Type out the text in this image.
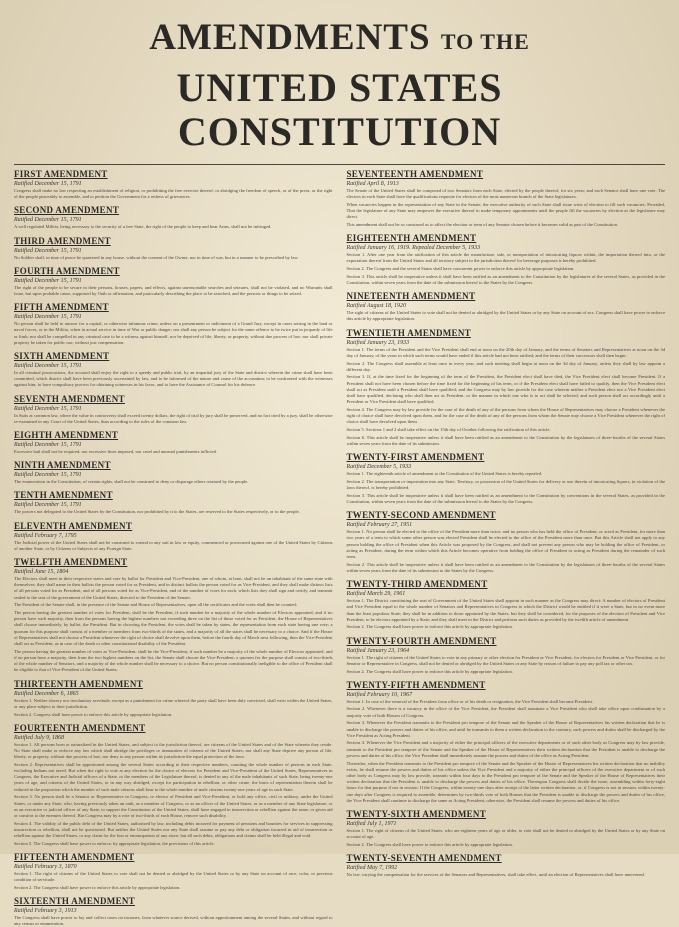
AMENDMENTS TO THE
UNITED STATES CONSTITUTION
FIRST AMENDMENT
Ratified December 15, 1791
Congress shall make no law respecting an establishment of religion, or prohibiting the free exercise thereof; or abridging the freedom of speech, or of the press; or the right of the people peaceably to assemble, and to petition the Government for a redress of grievances.
SECOND AMENDMENT
Ratified December 15, 1791
A well regulated Militia, being necessary to the security of a free State, the right of the people to keep and bear Arms, shall not be infringed.
THIRD AMENDMENT
Ratified December 15, 1791
No Soldier shall, in time of peace be quartered in any house, without the consent of the Owner, nor in time of war, but in a manner to be prescribed by law.
FOURTH AMENDMENT
Ratified December 15, 1791
The right of the people to be secure in their persons, houses, papers, and effects, against unreasonable searches and seizures, shall not be violated, and no Warrants shall issue, but upon probable cause, supported by Oath or affirmation, and particularly describing the place to be searched, and the persons or things to be seized.
FIFTH AMENDMENT
Ratified December 15, 1791
No person shall be held to answer for a capital, or otherwise infamous crime, unless on a presentment or indictment of a Grand Jury, except in cases arising in the land or naval forces, or in the Militia, when in actual service in time of War or public danger; nor shall any person be subject for the same offence to be twice put in jeopardy of life or limb; nor shall be compelled in any criminal case to be a witness against himself, nor be deprived of life, liberty, or property, without due process of law; nor shall private property be taken for public use, without just compensation.
SIXTH AMENDMENT
Ratified December 15, 1791
In all criminal prosecutions, the accused shall enjoy the right to a speedy and public trial, by an impartial jury of the State and district wherein the crime shall have been committed, which district shall have been previously ascertained by law, and to be informed of the nature and cause of the accusation; to be confronted with the witnesses against him; to have compulsory process for obtaining witnesses in his favor, and to have the Assistance of Counsel for his defence.
SEVENTH AMENDMENT
Ratified December 15, 1791
In Suits at common law, where the value in controversy shall exceed twenty dollars, the right of trial by jury shall be preserved, and no fact tried by a jury, shall be otherwise re-examined in any Court of the United States, than according to the rules of the common law.
EIGHTH AMENDMENT
Ratified December 15, 1791
Excessive bail shall not be required, nor excessive fines imposed, nor cruel and unusual punishments inflicted.
NINTH AMENDMENT
Ratified December 15, 1791
The enumeration in the Constitution, of certain rights, shall not be construed to deny or disparage others retained by the people.
TENTH AMENDMENT
Ratified December 15, 1791
The powers not delegated to the United States by the Constitution, nor prohibited by it to the States, are reserved to the States respectively, or to the people.
ELEVENTH AMENDMENT
Ratified February 7, 1795
The Judicial power of the United States shall not be construed to extend to any suit in law or equity, commenced or prosecuted against one of the United States by Citizens of another State, or by Citizens or Subjects of any Foreign State.
TWELFTH AMENDMENT
Ratified June 15, 1804
The Electors shall meet in their respective states and vote by ballot for President and Vice-President, one of whom, at least, shall not be an inhabitant of the same state with themselves; they shall name in their ballots the person voted for as President, and in distinct ballots the person voted for as Vice-President, and they shall make distinct lists of all persons voted for as President, and of all persons voted for as Vice-President, and of the number of votes for each, which lists they shall sign and certify, and transmit sealed to the seat of the government of the United States, directed to the President of the Senate;
The President of the Senate shall, in the presence of the Senate and House of Representatives, open all the certificates and the votes shall then be counted;
The person having the greatest number of votes for President, shall be the President, if such number be a majority of the whole number of Electors appointed; and if no person have such majority, then from the persons having the highest numbers not exceeding three on the list of those voted for as President, the House of Representatives shall choose immediately, by ballot, the President. But in choosing the President, the votes shall be taken by states, the representation from each state having one vote; a quorum for this purpose shall consist of a member or members from two-thirds of the states, and a majority of all the states shall be necessary to a choice. And if the House of Representatives shall not choose a President whenever the right of choice shall devolve upon them, before the fourth day of March next following, then the Vice-President shall act as President, as in case of the death or other constitutional disability of the President.
The person having the greatest number of votes as Vice-President, shall be the Vice-President, if such number be a majority of the whole number of Electors appointed, and if no person have a majority, then from the two highest numbers on the list, the Senate shall choose the Vice-President; a quorum for the purpose shall consist of two-thirds of the whole number of Senators, and a majority of the whole number shall be necessary to a choice. But no person constitutionally ineligible to the office of President shall be eligible to that of Vice-President of the United States.
THIRTEENTH AMENDMENT
Ratified December 6, 1865
Section 1. Neither slavery nor involuntary servitude, except as a punishment for crime whereof the party shall have been duly convicted, shall exist within the United States, or any place subject to their jurisdiction.
Section 2. Congress shall have power to enforce this article by appropriate legislation.
FOURTEENTH AMENDMENT
Ratified July 9, 1868
Section 1. All persons born or naturalized in the United States, and subject to the jurisdiction thereof, are citizens of the United States and of the State wherein they reside. No State shall make or enforce any law which shall abridge the privileges or immunities of citizens of the United States; nor shall any State deprive any person of life, liberty, or property, without due process of law; nor deny to any person within its jurisdiction the equal protection of the laws.
Section 2. Representatives shall be apportioned among the several States according to their respective numbers, counting the whole number of persons in each State, excluding Indians not taxed. But when the right to vote at any election for the choice of electors for President and Vice-President of the United States, Representatives in Congress, the Executive and Judicial officers of a State, or the members of the Legislature thereof, is denied to any of the male inhabitants of such State, being twenty-one years of age, and citizens of the United States, or in any way abridged, except for participation in rebellion, or other crime, the basis of representation therein shall be reduced in the proportion which the number of such male citizens shall bear to the whole number of male citizens twenty-one years of age in such State.
Section 3. No person shall be a Senator or Representative in Congress, or elector of President and Vice-President, or hold any office, civil or military, under the United States, or under any State, who, having previously taken an oath, as a member of Congress, or as an officer of the United States, or as a member of any State legislature, or as an executive or judicial officer of any State, to support the Constitution of the United States, shall have engaged in insurrection or rebellion against the same, or given aid or comfort to the enemies thereof. But Congress may by a vote of two-thirds of each House, remove such disability.
Section 4. The validity of the public debt of the United States, authorized by law, including debts incurred for payment of pensions and bounties for services in suppressing insurrection or rebellion, shall not be questioned. But neither the United States nor any State shall assume or pay any debt or obligation incurred in aid of insurrection or rebellion against the United States, or any claim for the loss or emancipation of any slave; but all such debts, obligations and claims shall be held illegal and void.
Section 5. The Congress shall have power to enforce, by appropriate legislation, the provisions of this article.
FIFTEENTH AMENDMENT
Ratified February 3, 1870
Section 1. The right of citizens of the United States to vote shall not be denied or abridged by the United States or by any State on account of race, color, or previous condition of servitude.
Section 2. The Congress shall have power to enforce this article by appropriate legislation.
SIXTEENTH AMENDMENT
Ratified February 3, 1913
The Congress shall have power to lay and collect taxes on incomes, from whatever source derived, without apportionment among the several States, and without regard to any census or enumeration.
SEVENTEENTH AMENDMENT
Ratified April 8, 1913
The Senate of the United States shall be composed of two Senators from each State, elected by the people thereof, for six years; and each Senator shall have one vote. The electors in each State shall have the qualifications requisite for electors of the most numerous branch of the State legislatures.
When vacancies happen in the representation of any State in the Senate, the executive authority of such State shall issue writs of election to fill such vacancies: Provided, That the legislature of any State may empower the executive thereof to make temporary appointments until the people fill the vacancies by election as the legislature may direct.
This amendment shall not be so construed as to affect the election or term of any Senator chosen before it becomes valid as part of the Constitution.
EIGHTEENTH AMENDMENT
Ratified January 16, 1919. Repealed December 5, 1933
Section 1. After one year from the ratification of this article the manufacture, sale, or transportation of intoxicating liquors within, the importation thereof into, or the exportation thereof from the United States and all territory subject to the jurisdiction thereof for beverage purposes is hereby prohibited.
Section 2. The Congress and the several States shall have concurrent power to enforce this article by appropriate legislation.
Section 3. This article shall be inoperative unless it shall have been ratified as an amendment to the Constitution by the legislatures of the several States, as provided in the Constitution, within seven years from the date of the submission hereof to the States by the Congress.
NINETEENTH AMENDMENT
Ratified August 18, 1920
The right of citizens of the United States to vote shall not be denied or abridged by the United States or by any State on account of sex. Congress shall have power to enforce this article by appropriate legislation.
TWENTIETH AMENDMENT
Ratified January 23, 1933
Section 1. The terms of the President and the Vice President shall end at noon on the 20th day of January, and the terms of Senators and Representatives at noon on the 3d day of January, of the years in which such terms would have ended if this article had not been ratified; and the terms of their successors shall then begin.
Section 2. The Congress shall assemble at least once in every year, and such meeting shall begin at noon on the 3d day of January, unless they shall by law appoint a different day.
Section 3. If, at the time fixed for the beginning of the term of the President, the President elect shall have died, the Vice President elect shall become President. If a President shall not have been chosen before the time fixed for the beginning of his term, or if the President elect shall have failed to qualify, then the Vice President elect shall act as President until a President shall have qualified; and the Congress may by law provide for the case wherein neither a President elect nor a Vice President elect shall have qualified, declaring who shall then act as President, or the manner in which one who is to act shall be selected, and such person shall act accordingly until a President or Vice President shall have qualified.
Section 4. The Congress may by law provide for the case of the death of any of the persons from whom the House of Representatives may choose a President whenever the right of choice shall have devolved upon them, and for the case of the death of any of the persons from whom the Senate may choose a Vice President whenever the right of choice shall have devolved upon them.
Section 5. Sections 1 and 2 shall take effect on the 15th day of October following the ratification of this article.
Section 6. This article shall be inoperative unless it shall have been ratified as an amendment to the Constitution by the legislatures of three-fourths of the several States within seven years from the date of its submission.
TWENTY-FIRST AMENDMENT
Ratified December 5, 1933
Section 1. The eighteenth article of amendment to the Constitution of the United States is hereby repealed.
Section 2. The transportation or importation into any State, Territory, or possession of the United States for delivery or use therein of intoxicating liquors, in violation of the laws thereof, is hereby prohibited.
Section 3. This article shall be inoperative unless it shall have been ratified as an amendment to the Constitution by conventions in the several States, as provided in the Constitution, within seven years from the date of the submission hereof to the States by the Congress.
TWENTY-SECOND AMENDMENT
Ratified February 27, 1951
Section 1. No person shall be elected to the office of the President more than twice, and no person who has held the office of President, or acted as President, for more than two years of a term to which some other person was elected President shall be elected to the office of the President more than once. But this Article shall not apply to any person holding the office of President when this Article was proposed by the Congress, and shall not prevent any person who may be holding the office of President, or acting as President, during the term within which this Article becomes operative from holding the office of President or acting as President during the remainder of such term.
Section 2. This article shall be inoperative unless it shall have been ratified as an amendment to the Constitution by the legislatures of three-fourths of the several States within seven years from the date of its submission to the States by the Congress.
TWENTY-THIRD AMENDMENT
Ratified March 29, 1961
Section 1. The District constituting the seat of Government of the United States shall appoint in such manner as the Congress may direct: A number of electors of President and Vice President equal to the whole number of Senators and Representatives in Congress to which the District would be entitled if it were a State, but in no event more than the least populous State; they shall be in addition to those appointed by the States, but they shall be considered, for the purposes of the election of President and Vice President, to be electors appointed by a State; and they shall meet in the District and perform such duties as provided by the twelfth article of amendment.
Section 2. The Congress shall have power to enforce this article by appropriate legislation.
TWENTY-FOURTH AMENDMENT
Ratified January 23, 1964
Section 1. The right of citizens of the United States to vote in any primary or other election for President or Vice President, for electors for President or Vice President, or for Senator or Representative in Congress, shall not be denied or abridged by the United States or any State by reason of failure to pay any poll tax or other tax.
Section 2. The Congress shall have power to enforce this article by appropriate legislation.
TWENTY-FIFTH AMENDMENT
Ratified February 10, 1967
Section 1. In case of the removal of the President from office or of his death or resignation, the Vice President shall become President.
Section 2. Whenever there is a vacancy in the office of the Vice President, the President shall nominate a Vice President who shall take office upon confirmation by a majority vote of both Houses of Congress.
Section 3. Whenever the President transmits to the President pro tempore of the Senate and the Speaker of the House of Representatives his written declaration that he is unable to discharge the powers and duties of his office, and until he transmits to them a written declaration to the contrary, such powers and duties shall be discharged by the Vice President as Acting President.
Section 4. Whenever the Vice President and a majority of either the principal officers of the executive departments or of such other body as Congress may by law provide, transmit to the President pro tempore of the Senate and the Speaker of the House of Representatives their written declaration that the President is unable to discharge the powers and duties of his office, the Vice President shall immediately assume the powers and duties of the office as Acting President.
Thereafter, when the President transmits to the President pro tempore of the Senate and the Speaker of the House of Representatives his written declaration that no inability exists, he shall resume the powers and duties of his office unless the Vice President and a majority of either the principal officers of the executive department or of such other body as Congress may by law provide, transmit within four days to the President pro tempore of the Senate and the Speaker of the House of Representatives their written declaration that the President is unable to discharge the powers and duties of his office. Thereupon Congress shall decide the issue, assembling within forty-eight hours for that purpose if not in session. If the Congress, within twenty-one days after receipt of the latter written declaration, or, if Congress is not in session, within twenty-one days after Congress is required to assemble, determines by two-thirds vote of both Houses that the President is unable to discharge the powers and duties of his office, the Vice President shall continue to discharge the same as Acting President; otherwise, the President shall resume the powers and duties of his office.
TWENTY-SIXTH AMENDMENT
Ratified July 1, 1971
Section 1. The right of citizens of the United States, who are eighteen years of age or older, to vote shall not be denied or abridged by the United States or by any State on account of age.
Section 2. The Congress shall have power to enforce this article by appropriate legislation.
TWENTY-SEVENTH AMENDMENT
Ratified May 7, 1992
No law, varying the compensation for the services of the Senators and Representatives, shall take effect, until an election of Representatives shall have intervened.
